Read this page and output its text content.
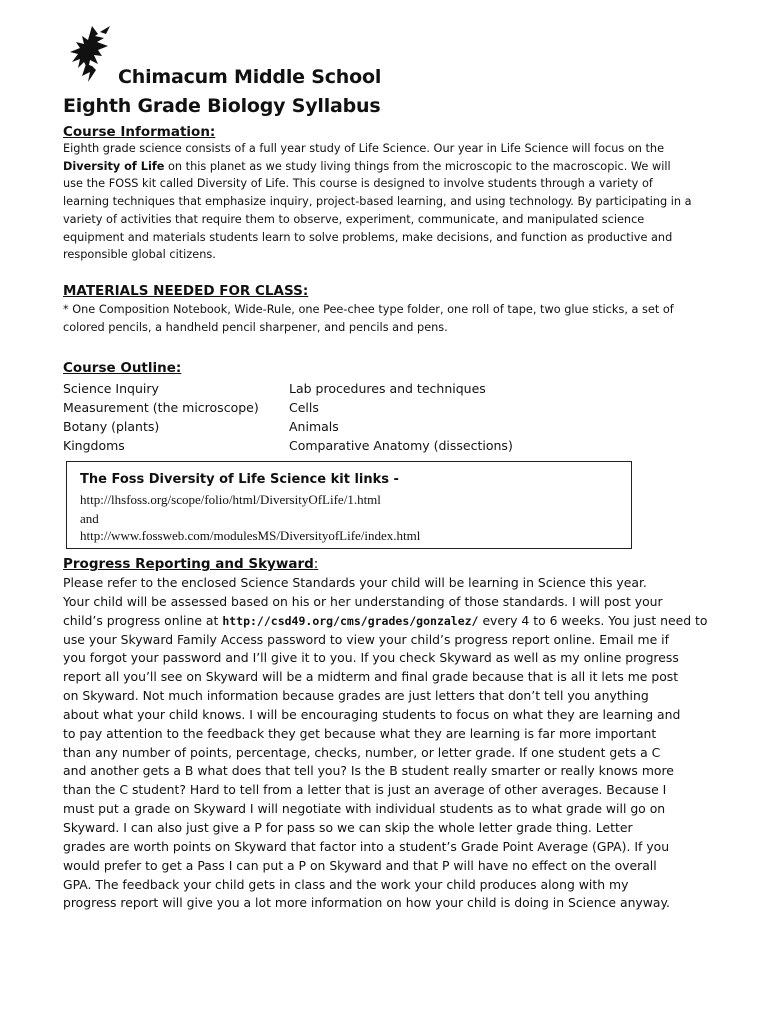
Chimacum Middle School
Eighth Grade Biology Syllabus
Course Information:
Eighth grade science consists of a full year study of Life Science. Our year in Life Science will focus on the
Diversity of Life on this planet as we study living things from the microscopic to the macroscopic. We will
use the FOSS kit called Diversity of Life. This course is designed to involve students through a variety of
learning techniques that emphasize inquiry, project-based learning, and using technology. By participating in a
variety of activities that require them to observe, experiment, communicate, and manipulated science
equipment and materials students learn to solve problems, make decisions, and function as productive and
responsible global citizens.
MATERIALS NEEDED FOR CLASS:
* One Composition Notebook, Wide-Rule, one Pee-chee type folder, one roll of tape, two glue sticks, a set of
colored pencils, a handheld pencil sharpener, and pencils and pens.
Course Outline:
Science Inquiry	Lab procedures and techniques
Measurement (the microscope) Cells
Botany (plants)	Animals
Kingdoms	Comparative Anatomy (dissections)
The Foss Diversity of Life Science kit links -
http://lhsfoss.org/scope/folio/html/DiversityOfLife/1.html
and
http://www.fossweb.com/modulesMS/DiversityofLife/index.html
Progress Reporting and Skyward:
Please refer to the enclosed Science Standards your child will be learning in Science this year.
Your child will be assessed based on his or her understanding of those standards. I will post your
child’s progress online at http://csd49.org/cms/grades/gonzalez/ every 4 to 6 weeks. You just need to
use your Skyward Family Access password to view your child’s progress report online. Email me if
you forgot your password and I’ll give it to you. If you check Skyward as well as my online progress
report all you’ll see on Skyward will be a midterm and final grade because that is all it lets me post
on Skyward. Not much information because grades are just letters that don’t tell you anything
about what your child knows. I will be encouraging students to focus on what they are learning and
to pay attention to the feedback they get because what they are learning is far more important
than any number of points, percentage, checks, number, or letter grade. If one student gets a C
and another gets a B what does that tell you? Is the B student really smarter or really knows more
than the C student? Hard to tell from a letter that is just an average of other averages. Because I
must put a grade on Skyward I will negotiate with individual students as to what grade will go on
Skyward. I can also just give a P for pass so we can skip the whole letter grade thing. Letter
grades are worth points on Skyward that factor into a student’s Grade Point Average (GPA). If you
would prefer to get a Pass I can put a P on Skyward and that P will have no effect on the overall
GPA. The feedback your child gets in class and the work your child produces along with my
progress report will give you a lot more information on how your child is doing in Science anyway.
